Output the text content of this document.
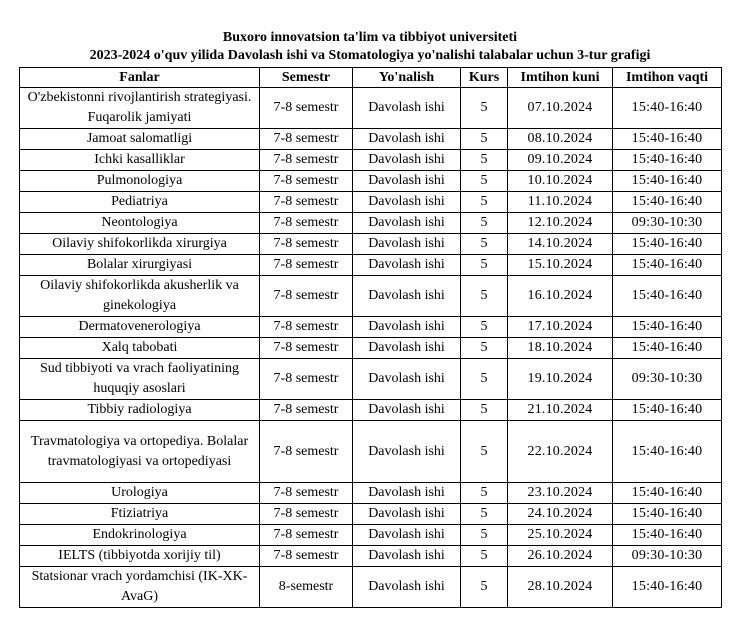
Buxoro innovatsion ta'lim va tibbiyot universiteti
2023-2024 o'quv yilida Davolash ishi va Stomatologiya yo'nalishi talabalar uchun 3-tur grafigi
Fanlar	Semestr	Yo'nalish	Kurs	Imtihon kuni	Imtihon vaqti
O'zbekistonni rivojlantirish strategiyasi. Fuqarolik jamiyati	7-8 semestr	Davolash ishi	5	07.10.2024	15:40-16:40
Jamoat salomatligi	7-8 semestr	Davolash ishi	5	08.10.2024	15:40-16:40
Ichki kasalliklar	7-8 semestr	Davolash ishi	5	09.10.2024	15:40-16:40
Pulmonologiya	7-8 semestr	Davolash ishi	5	10.10.2024	15:40-16:40
Pediatriya	7-8 semestr	Davolash ishi	5	11.10.2024	15:40-16:40
Neontologiya	7-8 semestr	Davolash ishi	5	12.10.2024	09:30-10:30
Oilaviy shifokorlikda xirurgiya	7-8 semestr	Davolash ishi	5	14.10.2024	15:40-16:40
Bolalar xirurgiyasi	7-8 semestr	Davolash ishi	5	15.10.2024	15:40-16:40
Oilaviy shifokorlikda akusherlik va ginekologiya	7-8 semestr	Davolash ishi	5	16.10.2024	15:40-16:40
Dermatovenerologiya	7-8 semestr	Davolash ishi	5	17.10.2024	15:40-16:40
Xalq tabobati	7-8 semestr	Davolash ishi	5	18.10.2024	15:40-16:40
Sud tibbiyoti va vrach faoliyatining huquqiy asoslari	7-8 semestr	Davolash ishi	5	19.10.2024	09:30-10:30
Tibbiy radiologiya	7-8 semestr	Davolash ishi	5	21.10.2024	15:40-16:40
Travmatologiya va ortopediya. Bolalar travmatologiyasi va ortopediyasi	7-8 semestr	Davolash ishi	5	22.10.2024	15:40-16:40
Urologiya	7-8 semestr	Davolash ishi	5	23.10.2024	15:40-16:40
Ftiziatriya	7-8 semestr	Davolash ishi	5	24.10.2024	15:40-16:40
Endokrinologiya	7-8 semestr	Davolash ishi	5	25.10.2024	15:40-16:40
IELTS (tibbiyotda xorijiy til)	7-8 semestr	Davolash ishi	5	26.10.2024	09:30-10:30
Statsionar vrach yordamchisi (IK-XK-AvaG)	8-semestr	Davolash ishi	5	28.10.2024	15:40-16:40
